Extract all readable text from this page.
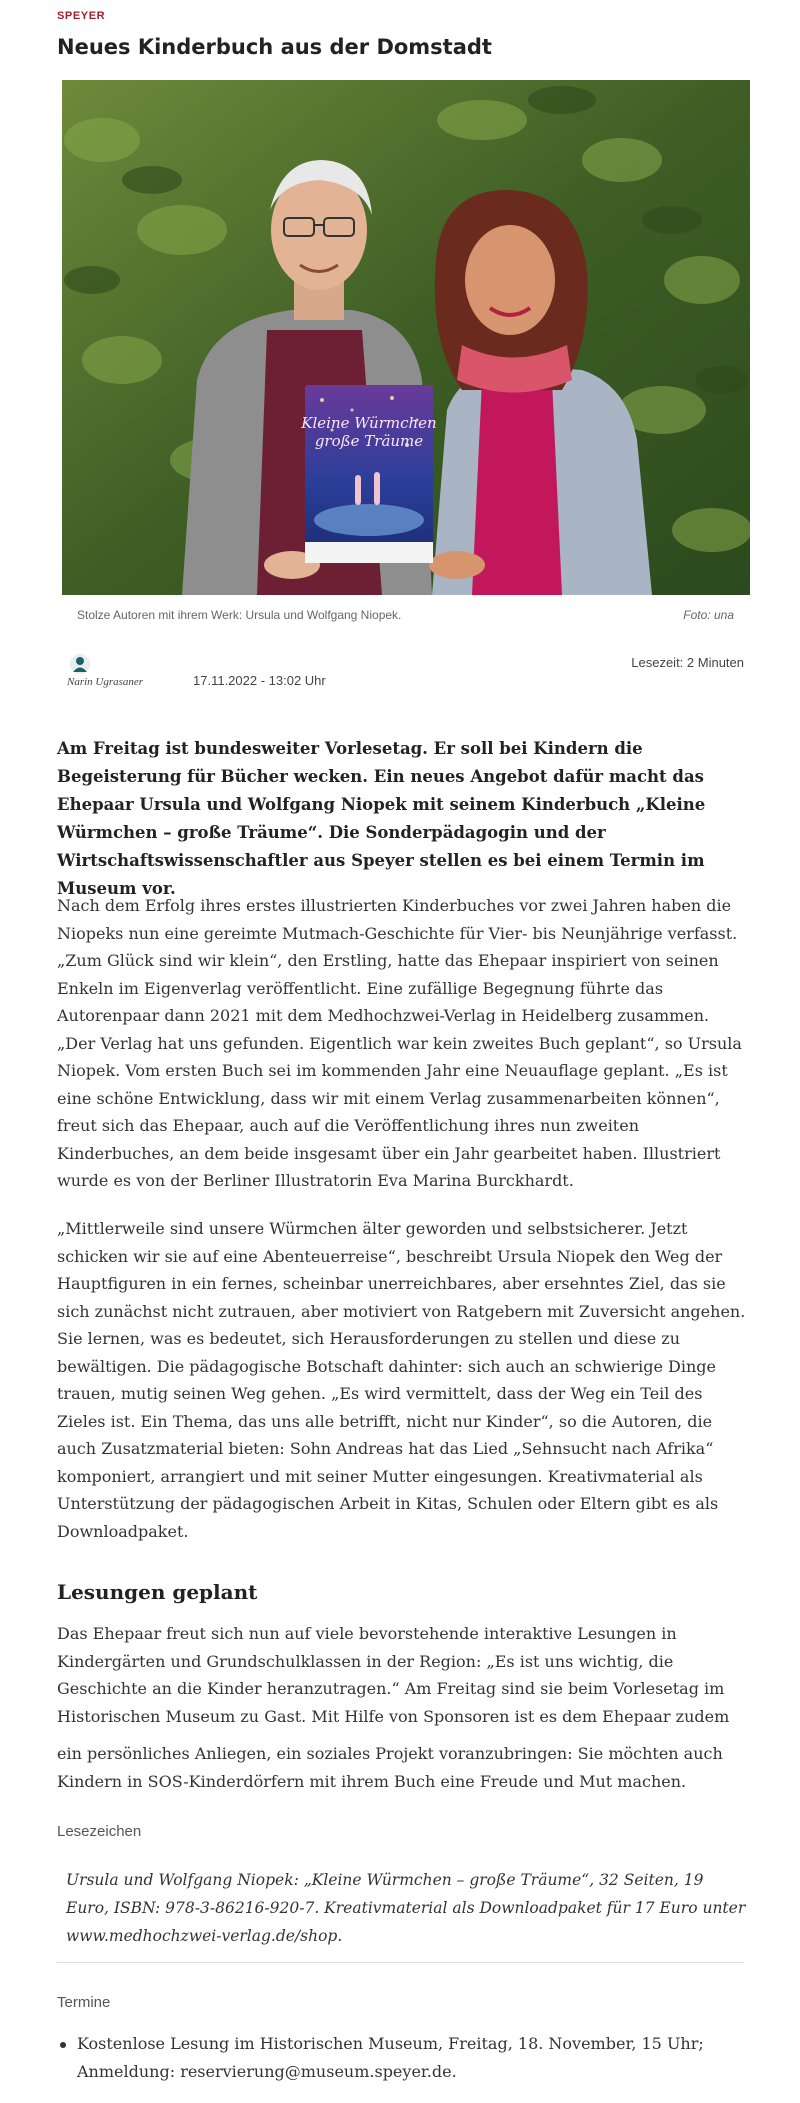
SPEYER
Neues Kinderbuch aus der Domstadt
Kleine Würmchen
große Träume
Stolze Autoren mit ihrem Werk: Ursula und Wolfgang Niopek.	Foto: una
Narin Ugrasaner	17.11.2022 - 13:02 Uhr
Lesezeit: 2 Minuten

Am Freitag ist bundesweiter Vorlesetag. Er soll bei Kindern die Begeisterung für Bücher wecken. Ein neues Angebot dafür macht das Ehepaar Ursula und Wolfgang Niopek mit seinem Kinderbuch „Kleine Würmchen – große Träume“. Die Sonderpädagogin und der Wirtschaftswissenschaftler aus Speyer stellen es bei einem Termin im Museum vor.

Nach dem Erfolg ihres erstes illustrierten Kinderbuches vor zwei Jahren haben die Niopeks nun eine gereimte Mutmach-Geschichte für Vier- bis Neunjährige verfasst. „Zum Glück sind wir klein“, den Erstling, hatte das Ehepaar inspiriert von seinen Enkeln im Eigenverlag veröffentlicht. Eine zufällige Begegnung führte das Autorenpaar dann 2021 mit dem Medhochzwei-Verlag in Heidelberg zusammen. „Der Verlag hat uns gefunden. Eigentlich war kein zweites Buch geplant“, so Ursula Niopek. Vom ersten Buch sei im kommenden Jahr eine Neuauflage geplant. „Es ist eine schöne Entwicklung, dass wir mit einem Verlag zusammenarbeiten können“, freut sich das Ehepaar, auch auf die Veröffentlichung ihres nun zweiten Kinderbuches, an dem beide insgesamt über ein Jahr gearbeitet haben. Illustriert wurde es von der Berliner Illustratorin Eva Marina Burckhardt.

„Mittlerweile sind unsere Würmchen älter geworden und selbstsicherer. Jetzt schicken wir sie auf eine Abenteuerreise“, beschreibt Ursula Niopek den Weg der Hauptfiguren in ein fernes, scheinbar unerreichbares, aber ersehntes Ziel, das sie sich zunächst nicht zutrauen, aber motiviert von Ratgebern mit Zuversicht angehen. Sie lernen, was es bedeutet, sich Herausforderungen zu stellen und diese zu bewältigen. Die pädagogische Botschaft dahinter: sich auch an schwierige Dinge trauen, mutig seinen Weg gehen. „Es wird vermittelt, dass der Weg ein Teil des Zieles ist. Ein Thema, das uns alle betrifft, nicht nur Kinder“, so die Autoren, die auch Zusatzmaterial bieten: Sohn Andreas hat das Lied „Sehnsucht nach Afrika“ komponiert, arrangiert und mit seiner Mutter eingesungen. Kreativmaterial als Unterstützung der pädagogischen Arbeit in Kitas, Schulen oder Eltern gibt es als Downloadpaket.

Lesungen geplant

Das Ehepaar freut sich nun auf viele bevorstehende interaktive Lesungen in Kindergärten und Grundschulklassen in der Region: „Es ist uns wichtig, die Geschichte an die Kinder heranzutragen.“ Am Freitag sind sie beim Vorlesetag im Historischen Museum zu Gast. Mit Hilfe von Sponsoren ist es dem Ehepaar zudem

ein persönliches Anliegen, ein soziales Projekt voranzubringen: Sie möchten auch Kindern in SOS-Kinderdörfern mit ihrem Buch eine Freude und Mut machen.

Lesezeichen

Ursula und Wolfgang Niopek: „Kleine Würmchen – große Träume“, 32 Seiten, 19 Euro, ISBN: 978-3-86216-920-7. Kreativmaterial als Downloadpaket für 17 Euro unter www.medhochzwei-verlag.de/shop.

Termine
Kostenlose Lesung im Historischen Museum, Freitag, 18. November, 15 Uhr; Anmeldung: reservierung@museum.speyer.de.
